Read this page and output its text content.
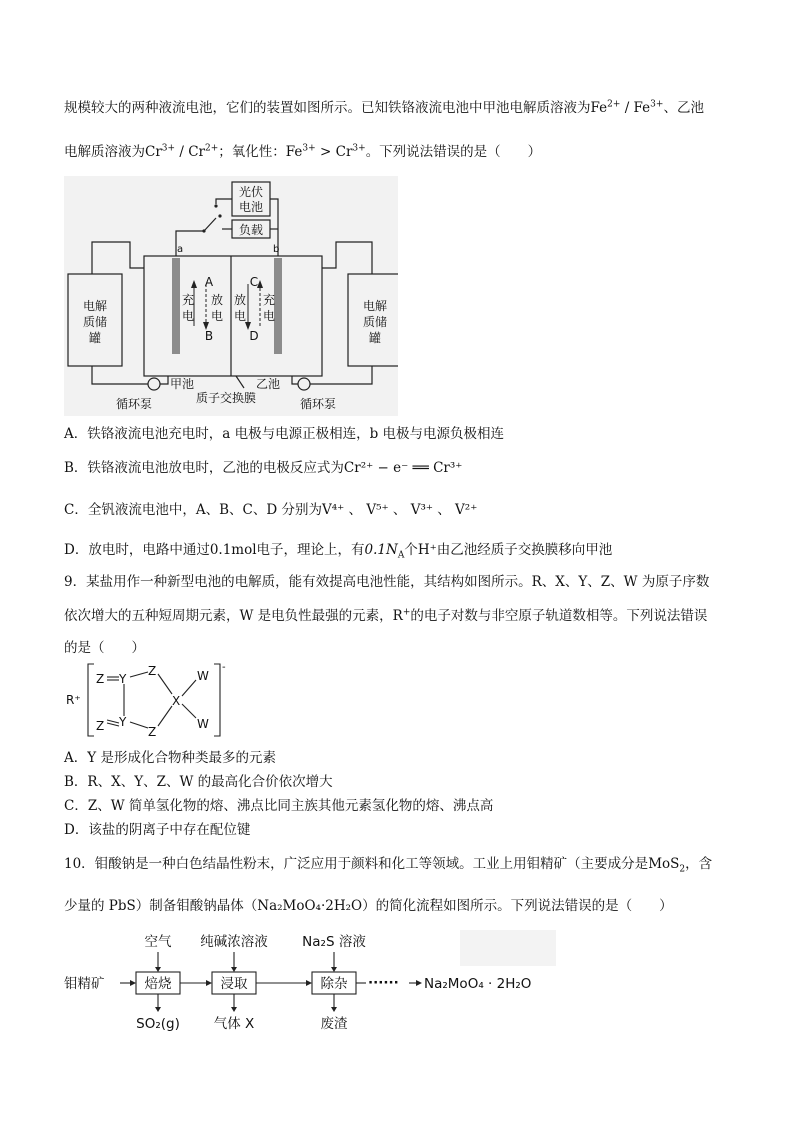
规模较大的两种液流电池，它们的装置如图所示。已知铁铬液流电池中甲池电解质溶液为$Fe^{2+} / Fe^{3+}$、乙池
电解质溶液为$Cr^{3+} / Cr^{2+}$；氧化性：$Fe^{3+} > Cr^{3+}$。下列说法错误的是（　　）
光伏
电池
负载
a	b
电解
质储
罐
电解
质储
罐
A
B
C
D
充
电
放
电
放
电
充
电
甲池	乙池
循环泵	循环泵
质子交换膜
A．铁铬液流电池充电时，a 电极与电源正极相连，b 电极与电源负极相连
B．铁铬液流电池放电时，乙池的电极反应式为Cr²⁺ − e⁻ ══ Cr³⁺
C．全钒液流电池中，A、B、C、D 分别为V⁴⁺ 、 V⁵⁺ 、 V³⁺ 、 V²⁺
D．放电时，电路中通过0.1mol电子，理论上，有$0.1N_A$个H⁺由乙池经质子交换膜移向甲池
9．某盐用作一种新型电池的电解质，能有效提高电池性能，其结构如图所示。R、X、Y、Z、W 为原子序数
依次增大的五种短周期元素，W 是电负性最强的元素，R+的电子对数与非空原子轨道数相等。下列说法错误
的是（　　）
R⁺
-
Z Y
Z
X
W
W
Z Y
Z
A．Y 是形成化合物种类最多的元素
B．R、X、Y、Z、W 的最高化合价依次增大
C．Z、W 简单氢化物的熔、沸点比同主族其他元素氢化物的熔、沸点高
D．该盐的阴离子中存在配位键
10．钼酸钠是一种白色结晶性粉末，广泛应用于颜料和化工等领域。工业上用钼精矿（主要成分是MoS$_2$，含
少量的 PbS）制备钼酸钠晶体（Na₂MoO₄·2H₂O）的简化流程如图所示。下列说法错误的是（　　）
空气 纯碱浓溶液	Na₂S 溶液
钼精矿	焙烧	浸取	除杂 ······ Na₂MoO₄ · 2H₂O
SO₂(g)	气体 X	废渣
